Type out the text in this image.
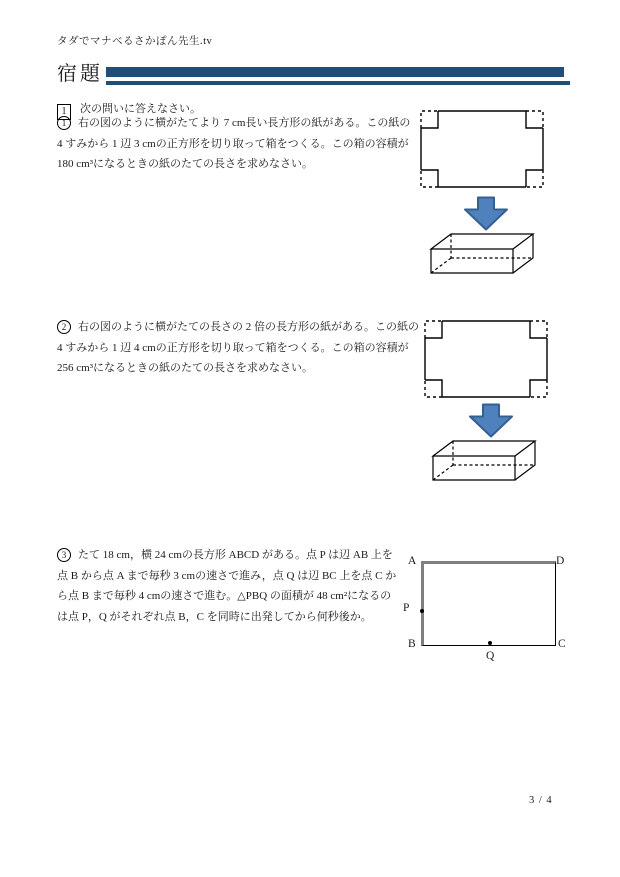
タダでマナベるさかぽん先生.tv
宿題
1 次の問いに答えなさい。
1 右の図のように横がたてより 7 cm長い長方形の紙がある。この紙の
4 すみから 1 辺 3 cmの正方形を切り取って箱をつくる。この箱の容積が
180 cm³になるときの紙のたての長さを求めなさい。
2 右の図のように横がたての長さの 2 倍の長方形の紙がある。この紙の
4 すみから 1 辺 4 cmの正方形を切り取って箱をつくる。この箱の容積が
256 cm³になるときの紙のたての長さを求めなさい。
3 たて 18 cm，横 24 cmの長方形 ABCD がある。点 P は辺 AB 上を
点 B から点 A まで毎秒 3 cmの速さで進み，点 Q は辺 BC 上を点 C か
ら点 B まで毎秒 4 cmの速さで進む。△PBQ の面積が 48 cm²になるの
は点 P，Q がそれぞれ点 B，C を同時に出発してから何秒後か。
A	D
B	C
P
Q
3 / 4
